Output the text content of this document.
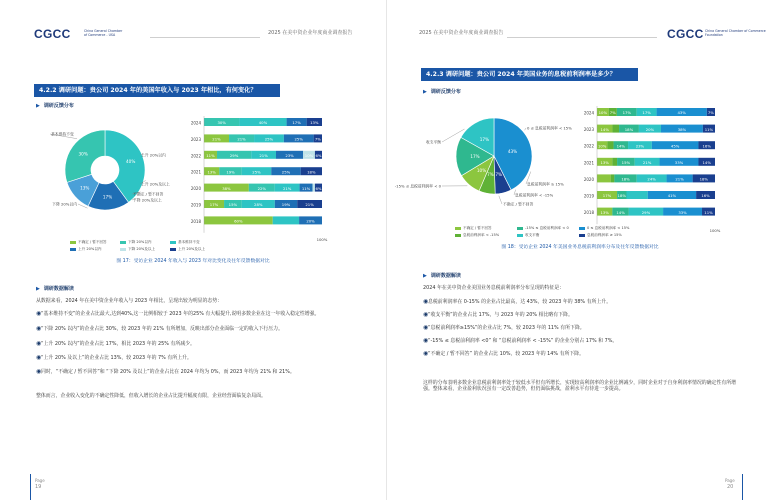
CGCC	China General Chamber
of Commerce - USA	2025 在美中资企业年度商业调查报告
4.2.2 调研问题：贵公司 2024 年的美国年收入与 2023 年相比，有何变化？
▶ 调研反馈分布
40%
17%
13%
30%
基本维持不变
上升 20%以内
上升 20%及以上
不确定 / 暂不回答
下降 20%及以上
下降 20%以内
2024	30%	40%	17% 13%
2023	21%	21%	25%	25%	7%
2022 11%	29%	21%	23%	10% 6%
2021 13%	19%	25%	25%	18%
2020	38%	22%	21%	11% 6%
2019 17%	15%	28%	19%	21%
2018	60%	20%
100%
不确定 / 暂不回答	下降 20%以内	基本维持不变
上升 20%以内	下降 20%及以上	上升 20%及以上
图 17：受访企业 2024 年收入与 2023 年对比变化及往年反馈数据对比
▶ 调研数据解读
从数据来看，2024 年在美中资企业年收入与 2023 年相比，呈现出较为明显的态势：
◉“基本维持不变”的企业占比最大,达到40%,这一比例相较于 2023 年的25% 有大幅提升,说明多数企业在这一年收入稳定性增强。
◉“下降 20% 以内”的企业占比 30%，较 2023 年的 21% 有所增加，反映出部分企业面临一定的收入下行压力。
◉“上升 20% 以内”的企业占比 17%，相比 2023 年的 25% 有所减少。
◉“上升 20% 及以上”的企业占比 13%，较 2023 年的 7% 有所上升。
◉同时，“不确定 / 暂不回答”和 “下降 20% 及以上”的企业占比在 2024 年均为 0%，而 2023 年均为 21% 和 21%。
整体而言，企业收入变化的不确定性降低，但收入增长的企业占比提升幅度有限，企业经营面临复杂局面。
Page
19
2025 在美中资企业年度商业调查报告	CGCC China General Chamber of Commerce
Foundation
4.2.3 调研问题：贵公司 2024 年美国业务的息税前利润率是多少？
▶ 调研反馈分布
43%
7%
7%
10%
17%
17%
0 ≤ 息税前利润率 < 15%
息税前利润率 ≥ 15%
息税前利润率 < -15%
不确定 / 暂不回答
-15% ≤ 息税前利润率 < 0
收支平衡
2024 10% 7% 17%	17%	43%	7%
2023 14%	18%	20%	38%	11%
2022 10%	14%	23%	45%	16%
2021 13%	15%	21%	33%	14%
2020	18%	24%	21%	18%
2019 17% 18%	41%	16%
2018 13% 14%	29%	33%	11%
100%
不确定 / 暂不回答	-15% ≤ 息税前利润率 < 0	0 ≤ 息税前利润率 < 15%
息税前利润率 < -15%	收支平衡	息税前利润率 ≥ 15%
图 18：受访企业 2024 年美国业务息税前利润率分布及往年反馈数据对比
▶ 调研数据解读
2024 年在美中资企业美国业务息税前利润率分布呈现的特征是：
◉息税前利润率在 0-15% 的企业占比最高，达 43%，较 2023 年的 38% 有所上升。
◉“收支平衡”的企业占比 17%，与 2023 年的 20% 相比略有下降。
◉“息税前利润率≥15%”的企业占比 7%，较 2023 年的 11% 有所下降。
◉“-15% ≤ 息税前利润率 <0” 和 “息税前利润率 < -15%” 的企业分别占 17% 和 7%。
◉“不确定 / 暂不回答” 的企业占比 10%，较 2023 年的 14% 有所下降。
这样的分布表明多数企业息税前利润率处于较低水平但有所增长，实现较高利润率的企业比例减少，同时企业对于自身利润率情况的确定性有所增强。整体来看，企业盈利状况虽有一定改善趋势，但仍面临挑战，盈利水平有待进一步提高。
Page
20
